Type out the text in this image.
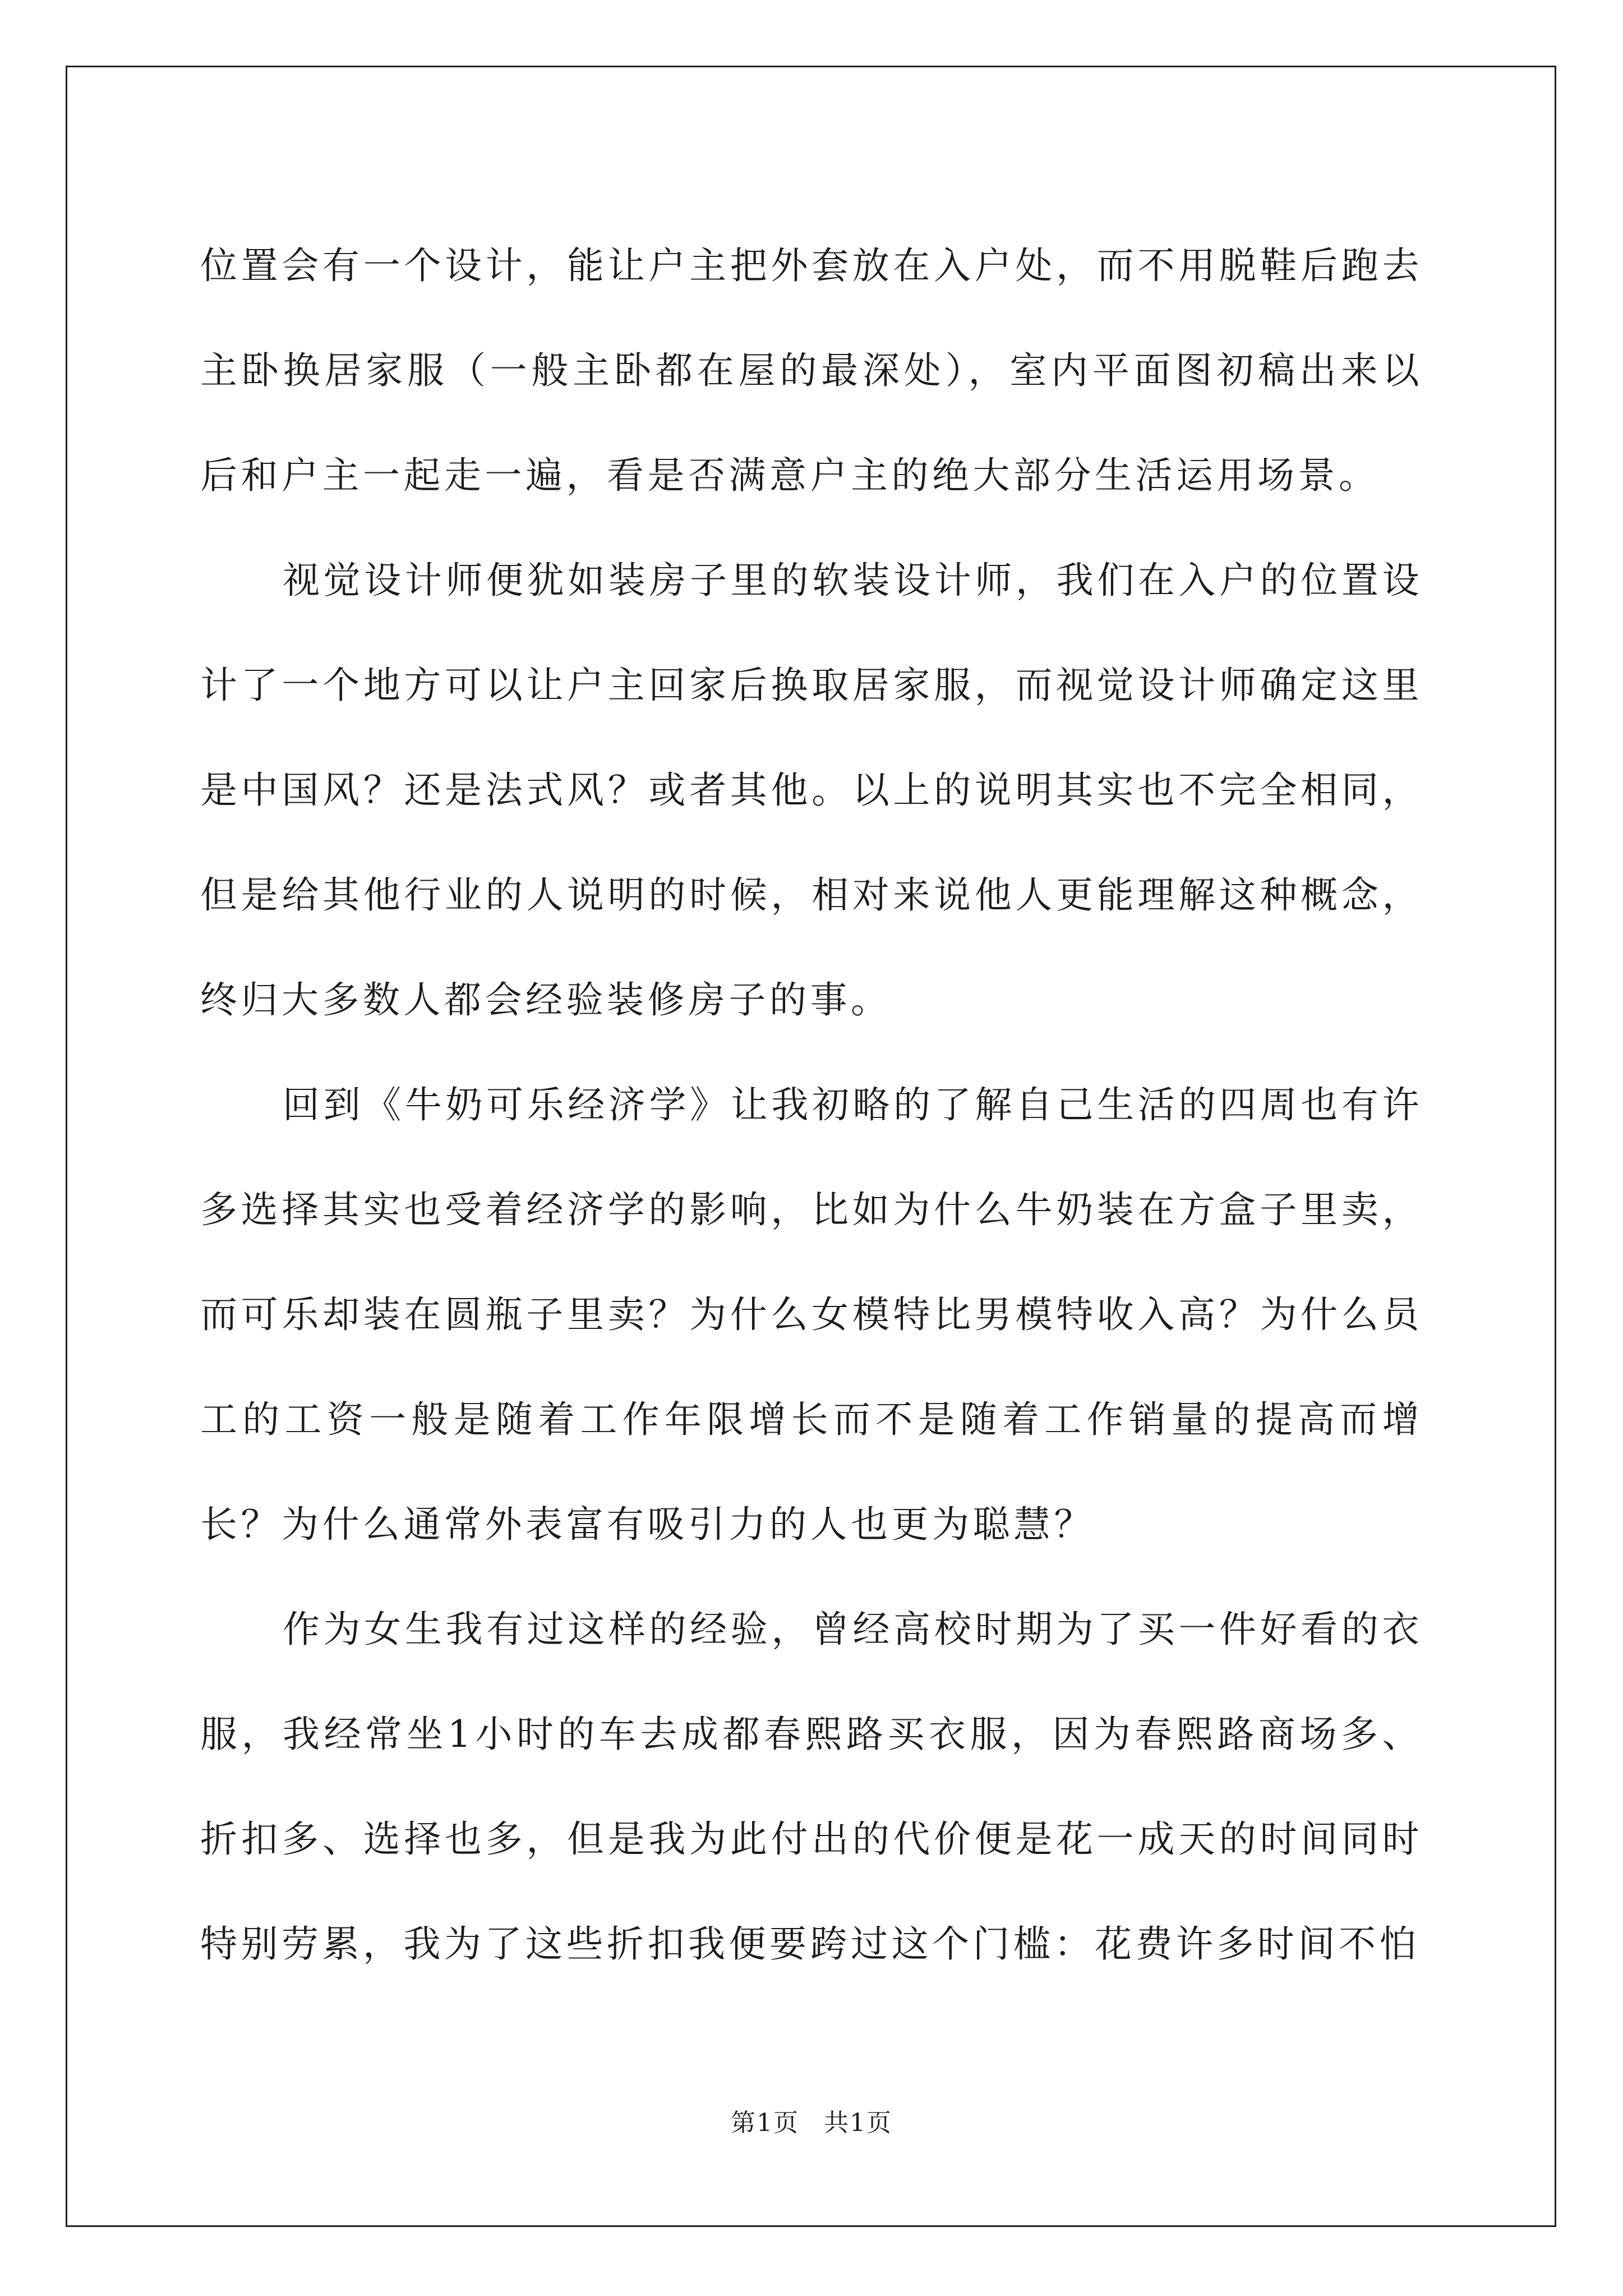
位置会有一个设计，能让户主把外套放在入户处，而不用脱鞋后跑去主卧换居家服（一般主卧都在屋的最深处），室内平面图初稿出来以后和户主一起走一遍，看是否满意户主的绝大部分生活运用场景。

视觉设计师便犹如装房子里的软装设计师，我们在入户的位置设计了一个地方可以让户主回家后换取居家服，而视觉设计师确定这里是中国风？还是法式风？或者其他。以上的说明其实也不完全相同，但是给其他行业的人说明的时候，相对来说他人更能理解这种概念，终归大多数人都会经验装修房子的事。

回到《牛奶可乐经济学》让我初略的了解自己生活的四周也有许多选择其实也受着经济学的影响，比如为什么牛奶装在方盒子里卖，而可乐却装在圆瓶子里卖？为什么女模特比男模特收入高？为什么员工的工资一般是随着工作年限增长而不是随着工作销量的提高而增长？为什么通常外表富有吸引力的人也更为聪慧？

作为女生我有过这样的经验，曾经高校时期为了买一件好看的衣服，我经常坐1小时的车去成都春熙路买衣服，因为春熙路商场多、折扣多、选择也多，但是我为此付出的代价便是花一成天的时间同时特别劳累，我为了这些折扣我便要跨过这个门槛：花费许多时间不怕

第1页 共1页
